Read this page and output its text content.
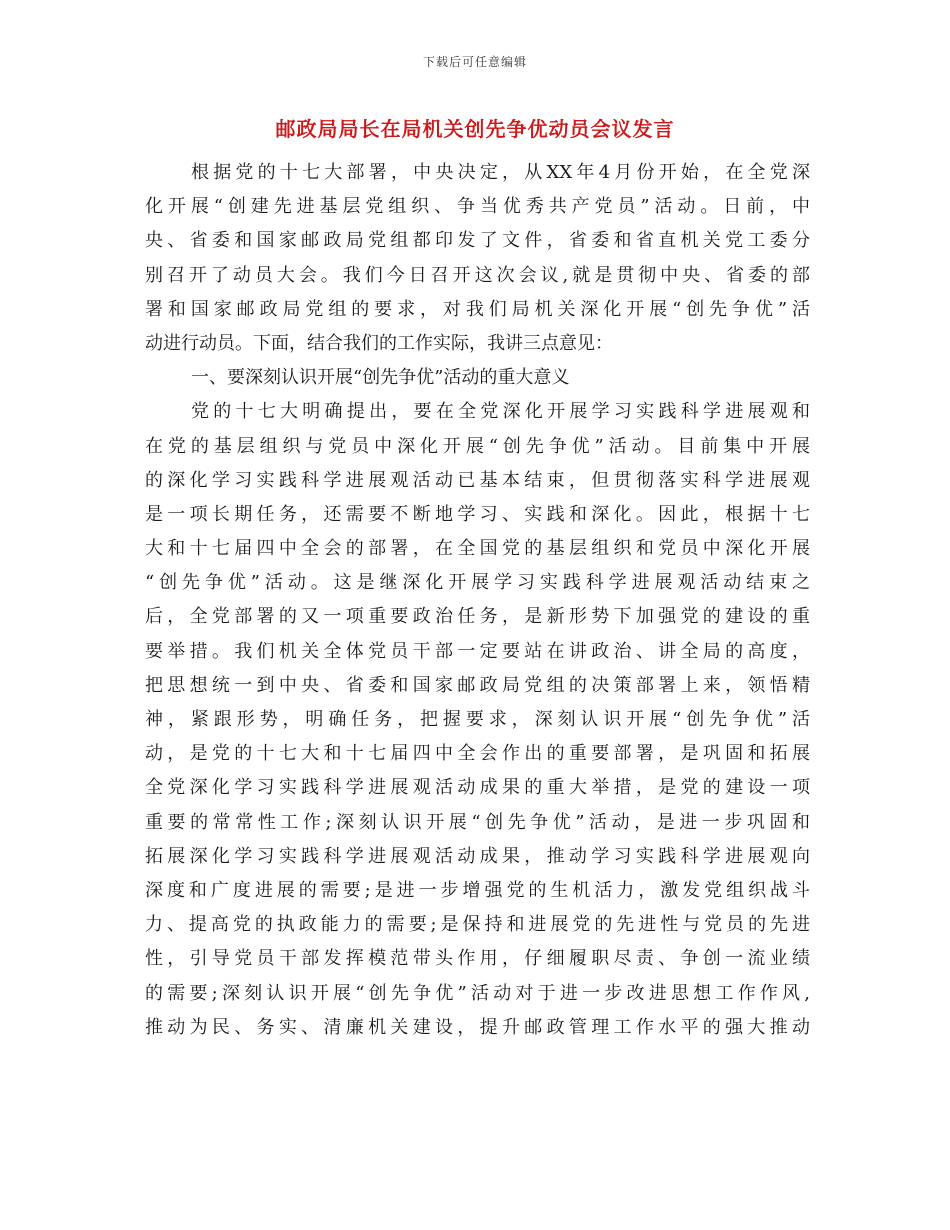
下载后可任意编辑
邮政局局长在局机关创先争优动员会议发言
根据党的十七大部署，中央决定，从XX年4月份开始，在全党深
化开展“创建先进基层党组织、争当优秀共产党员”活动。日前，中
央、省委和国家邮政局党组都印发了文件，省委和省直机关党工委分
别召开了动员大会。我们今日召开这次会议,就是贯彻中央、省委的部
署和国家邮政局党组的要求，对我们局机关深化开展“创先争优”活
动进行动员。下面，结合我们的工作实际，我讲三点意见：
一、要深刻认识开展“创先争优”活动的重大意义
党的十七大明确提出，要在全党深化开展学习实践科学进展观和
在党的基层组织与党员中深化开展“创先争优”活动。目前集中开展
的深化学习实践科学进展观活动已基本结束，但贯彻落实科学进展观
是一项长期任务，还需要不断地学习、实践和深化。因此，根据十七
大和十七届四中全会的部署，在全国党的基层组织和党员中深化开展
“创先争优”活动。这是继深化开展学习实践科学进展观活动结束之
后，全党部署的又一项重要政治任务，是新形势下加强党的建设的重
要举措。我们机关全体党员干部一定要站在讲政治、讲全局的高度，
把思想统一到中央、省委和国家邮政局党组的决策部署上来，领悟精
神，紧跟形势，明确任务，把握要求，深刻认识开展“创先争优”活
动，是党的十七大和十七届四中全会作出的重要部署，是巩固和拓展
全党深化学习实践科学进展观活动成果的重大举措，是党的建设一项
重要的常常性工作;深刻认识开展“创先争优”活动，是进一步巩固和
拓展深化学习实践科学进展观活动成果，推动学习实践科学进展观向
深度和广度进展的需要;是进一步增强党的生机活力，激发党组织战斗
力、提高党的执政能力的需要;是保持和进展党的先进性与党员的先进
性，引导党员干部发挥模范带头作用，仔细履职尽责、争创一流业绩
的需要;深刻认识开展“创先争优”活动对于进一步改进思想工作作风,
推动为民、务实、清廉机关建设，提升邮政管理工作水平的强大推动
